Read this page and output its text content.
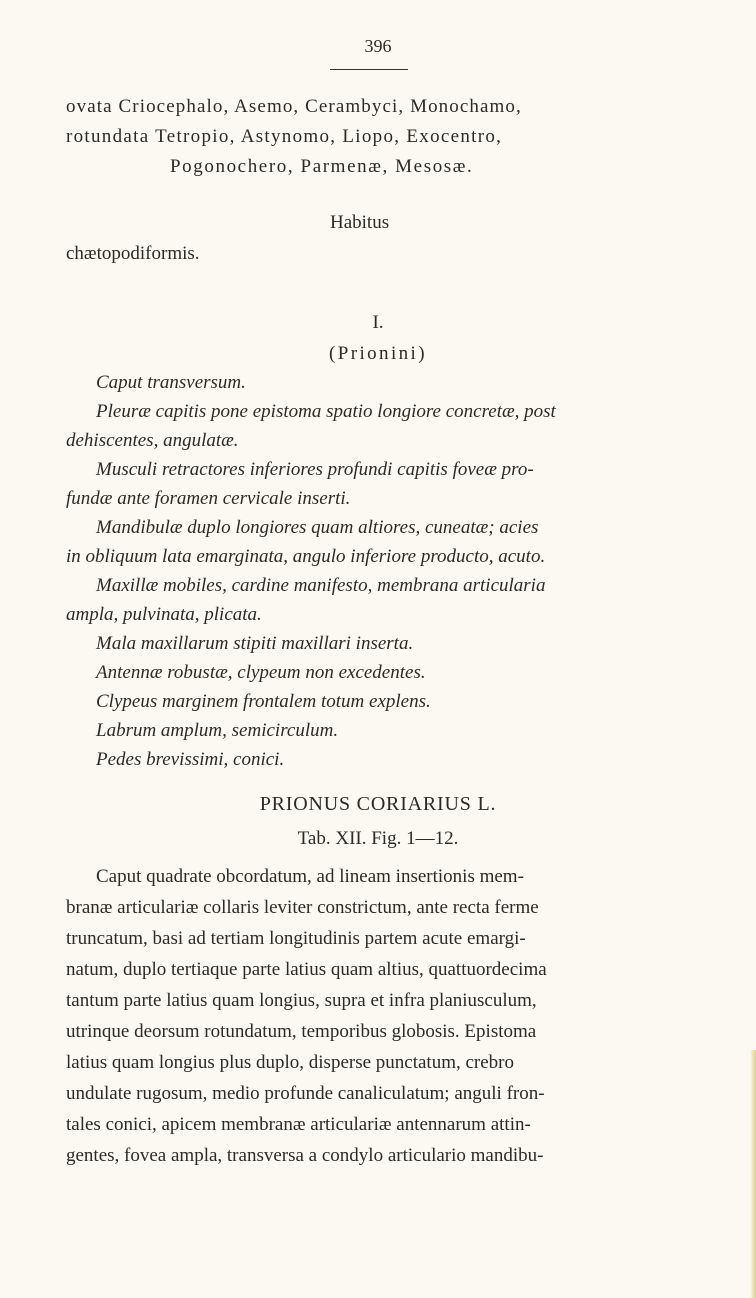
396
ovata Criocephalo, Asemo, Cerambyci, Monochamo,
rotundata Tetropio, Astynomo, Liopo, Exocentro,
Pogonochero, Parmenæ, Mesosæ.
Habitus
chætopodiformis.
I.
(Prionini)
Caput transversum.
Pleuræ capitis pone epistoma spatio longiore concretæ, post
dehiscentes, angulatæ.
Musculi retractores inferiores profundi capitis foveæ pro-
fundæ ante foramen cervicale inserti.
Mandibulæ duplo longiores quam altiores, cuneatæ; acies
in obliquum lata emarginata, angulo inferiore producto, acuto.
Maxillæ mobiles, cardine manifesto, membrana articularia
ampla, pulvinata, plicata.
Mala maxillarum stipiti maxillari inserta.
Antennæ robustæ, clypeum non excedentes.
Clypeus marginem frontalem totum explens.
Labrum amplum, semicirculum.
Pedes brevissimi, conici.
PRIONUS CORIARIUS L.
Tab. XII. Fig. 1—12.
Caput quadrate obcordatum, ad lineam insertionis mem-
branæ articulariæ collaris leviter constrictum, ante recta ferme
truncatum, basi ad tertiam longitudinis partem acute emargi-
natum, duplo tertiaque parte latius quam altius, quattuordecima
tantum parte latius quam longius, supra et infra planiusculum,
utrinque deorsum rotundatum, temporibus globosis. Epistoma
latius quam longius plus duplo, disperse punctatum, crebro
undulate rugosum, medio profunde canaliculatum; anguli fron-
tales conici, apicem membranæ articulariæ antennarum attin-
gentes, fovea ampla, transversa a condylo articulario mandibu-
